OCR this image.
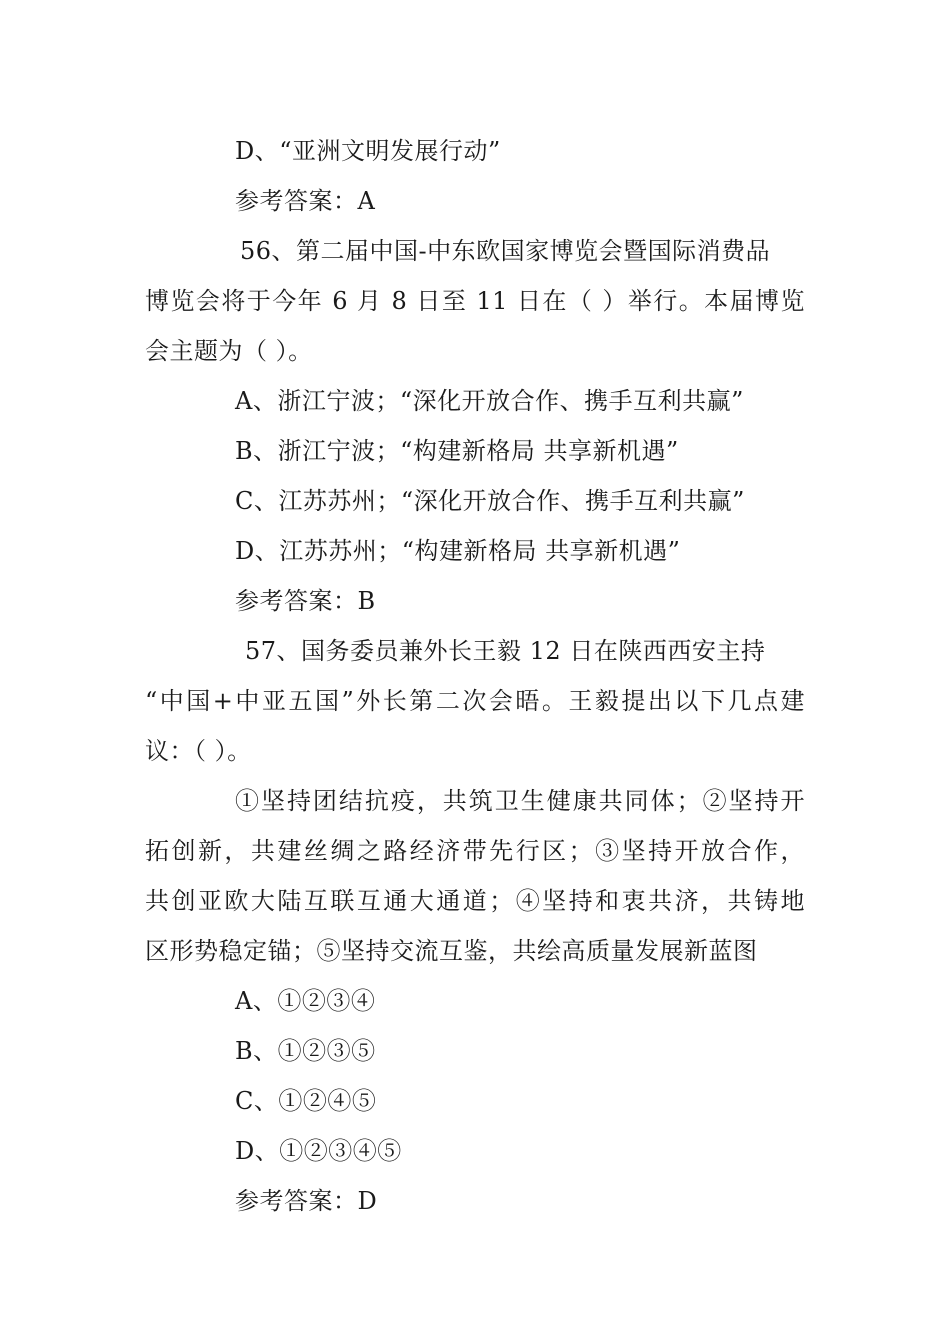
D、“亚洲文明发展行动”
参考答案：A
56、第二届中国-中东欧国家博览会暨国际消费品
博览会将于今年 6 月 8 日至 11 日在（ ）举行。本届博览
会主题为（ ）。
A、浙江宁波；“深化开放合作、携手互利共赢”
B、浙江宁波；“构建新格局 共享新机遇”
C、江苏苏州；“深化开放合作、携手互利共赢”
D、江苏苏州；“构建新格局 共享新机遇”
参考答案：B
57、国务委员兼外长王毅 12 日在陕西西安主持
“中国+中亚五国”外长第二次会晤。王毅提出以下几点建
议：（ ）。
①坚持团结抗疫，共筑卫生健康共同体；②坚持开
拓创新，共建丝绸之路经济带先行区；③坚持开放合作，
共创亚欧大陆互联互通大通道；④坚持和衷共济，共铸地
区形势稳定锚；⑤坚持交流互鉴，共绘高质量发展新蓝图
A、①②③④
B、①②③⑤
C、①②④⑤
D、①②③④⑤
参考答案：D
